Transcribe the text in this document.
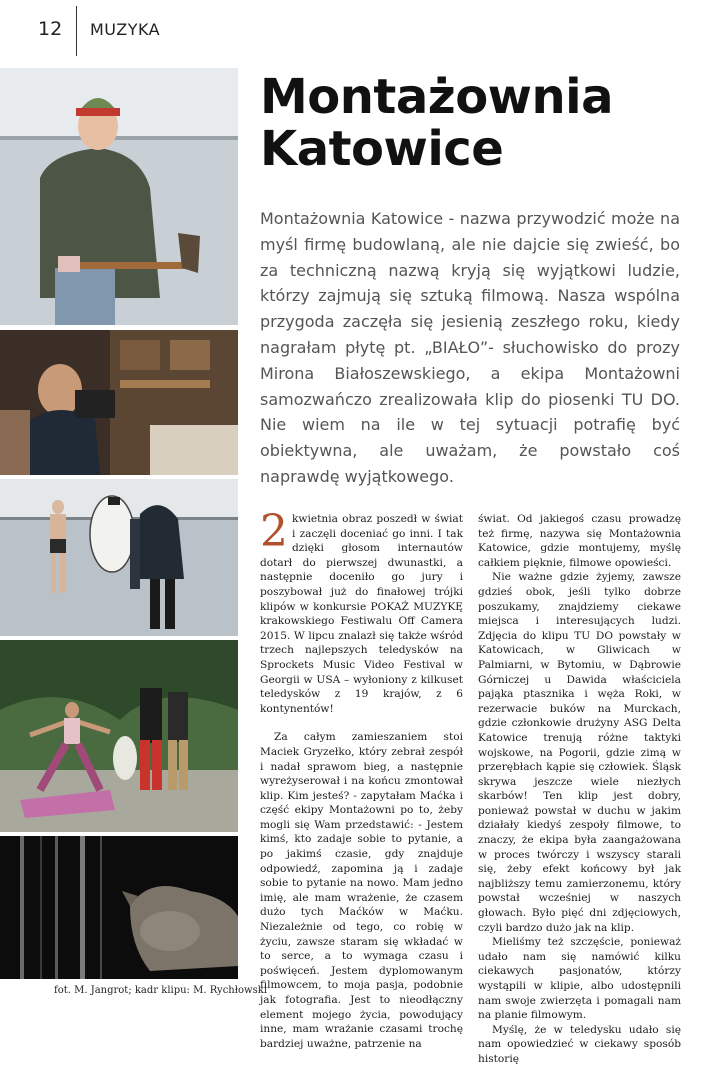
12 MUZYKA
fot. M. Jangrot; kadr klipu: M. Rychłowski
Montażownia
Katowice

Montażownia Katowice - nazwa przywodzić może na myśl firmę budowlaną, ale nie dajcie się zwieść, bo za techniczną nazwą kryją się wyjątkowi ludzie, którzy zajmują się sztuką filmową. Nasza wspólna przygoda zaczęła się jesienią zeszłego roku, kiedy nagrałam płytę pt. „BIAŁO”- słuchowisko do prozy Mirona Białoszewskiego, a ekipa Montażowni samozwańczo zrealizowała klip do piosenki TU DO. Nie wiem na ile w tej sytuacji potrafię być obiektywna, ale uważam, że powstało coś naprawdę wyjątkowego.

2 kwietnia obraz poszedł w świat i zaczęli doceniać go inni. I tak dzięki głosom internautów dotarł do pierwszej dwunastki, a następnie doceniło go jury i poszybował już do finałowej trójki klipów w konkursie POKAŻ MUZYKĘ krakowskiego Festiwalu Off Camera 2015. W lipcu znalazł się także wśród trzech najlepszych teledysków na Sprockets Music Video Festival w Georgii w USA – wyłoniony z kilkuset teledysków z 19 krajów, z 6 kontynentów!

Za całym zamieszaniem stoi Maciek Gryzełko, który zebrał zespół i nadał sprawom bieg, a następnie wyreżyserował i na końcu zmontował klip. Kim jesteś? - zapytałam Maćka i część ekipy Montażowni po to, żeby mogli się Wam przedstawić: - Jestem kimś, kto zadaje sobie to pytanie, a po jakimś czasie, gdy znajduje odpowiedź, zapomina ją i zadaje sobie to pytanie na nowo. Mam jedno imię, ale mam wrażenie, że czasem dużo tych Maćków w Maćku. Niezależnie od tego, co robię w życiu, zawsze staram się wkładać w to serce, a to wymaga czasu i poświęceń. Jestem dyplomowanym filmowcem, to moja pasja, podobnie jak fotografia. Jest to nieodłączny element mojego życia, powodujący inne, mam wrażanie czasami trochę bardziej uważne, patrzenie na

świat. Od jakiegoś czasu prowadzę też firmę, nazywa się Montażownia Katowice, gdzie montujemy, myślę całkiem pięknie, filmowe opowieści.

Nie ważne gdzie żyjemy, zawsze gdzieś obok, jeśli tylko dobrze poszukamy, znajdziemy ciekawe miejsca i interesujących ludzi. Zdjęcia do klipu TU DO powstały w Katowicach, w Gliwicach w Palmiarni, w Bytomiu, w Dąbrowie Górniczej u Dawida właściciela pająka ptasznika i węża Roki, w rezerwacie buków na Murckach, gdzie członkowie drużyny ASG Delta Katowice trenują różne taktyki wojskowe, na Pogorii, gdzie zimą w przerębłach kąpie się człowiek. Śląsk skrywa jeszcze wiele niezłych skarbów! Ten klip jest dobry, ponieważ powstał w duchu w jakim działały kiedyś zespoły filmowe, to znaczy, że ekipa była zaangażowana w proces twórczy i wszyscy starali się, żeby efekt końcowy był jak najbliższy temu zamierzonemu, który powstał wcześniej w naszych głowach. Było pięć dni zdjęciowych, czyli bardzo dużo jak na klip.

Mieliśmy też szczęście, ponieważ udało nam się namówić kilku ciekawych pasjonatów, którzy wystąpili w klipie, albo udostępnili nam swoje zwierzęta i pomagali nam na planie filmowym.

Myślę, że w teledysku udało się nam opowiedzieć w ciekawy sposób historię
